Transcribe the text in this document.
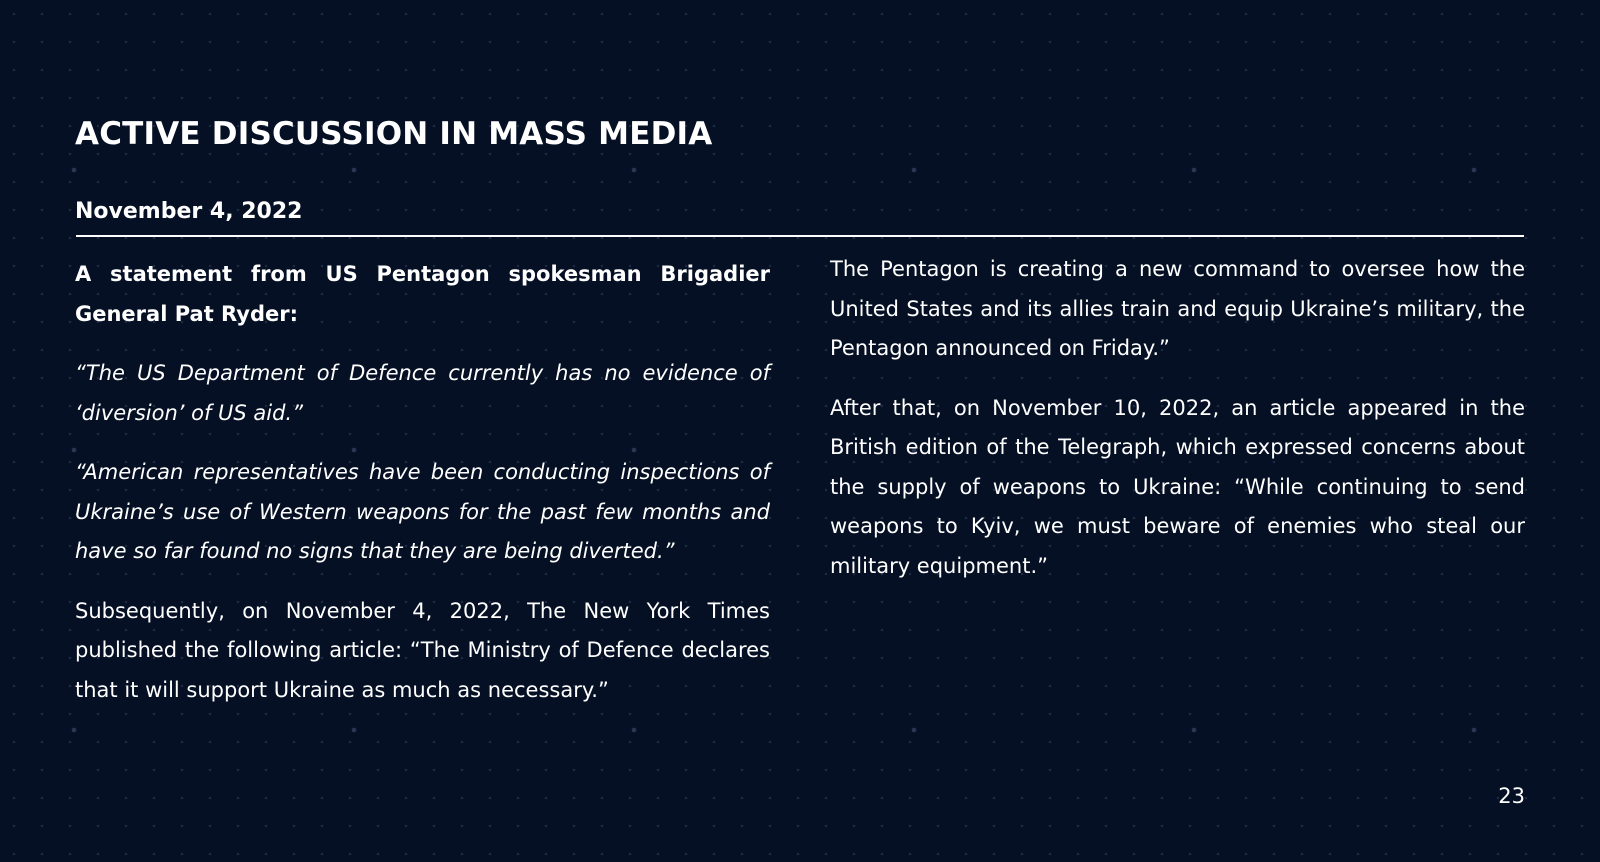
ACTIVE DISCUSSION IN MASS MEDIA
November 4, 2022

A statement from US Pentagon spokesman Brigadier General Pat Ryder:

“The US Department of Defence currently has no evidence of ‘diversion’ of US aid.”

“American representatives have been conducting inspections of Ukraine’s use of Western weapons for the past few months and have so far found no signs that they are being diverted.”

Subsequently, on November 4, 2022, The New York Times published the following article: “The Ministry of Defence declares that it will support Ukraine as much as necessary.”

The Pentagon is creating a new command to oversee how the United States and its allies train and equip Ukraine’s military, the Pentagon announced on Friday.”

After that, on November 10, 2022, an article appeared in the British edition of the Telegraph, which expressed concerns about the supply of weapons to Ukraine: “While continuing to send weapons to Kyiv, we must beware of enemies who steal our military equipment.”

23
